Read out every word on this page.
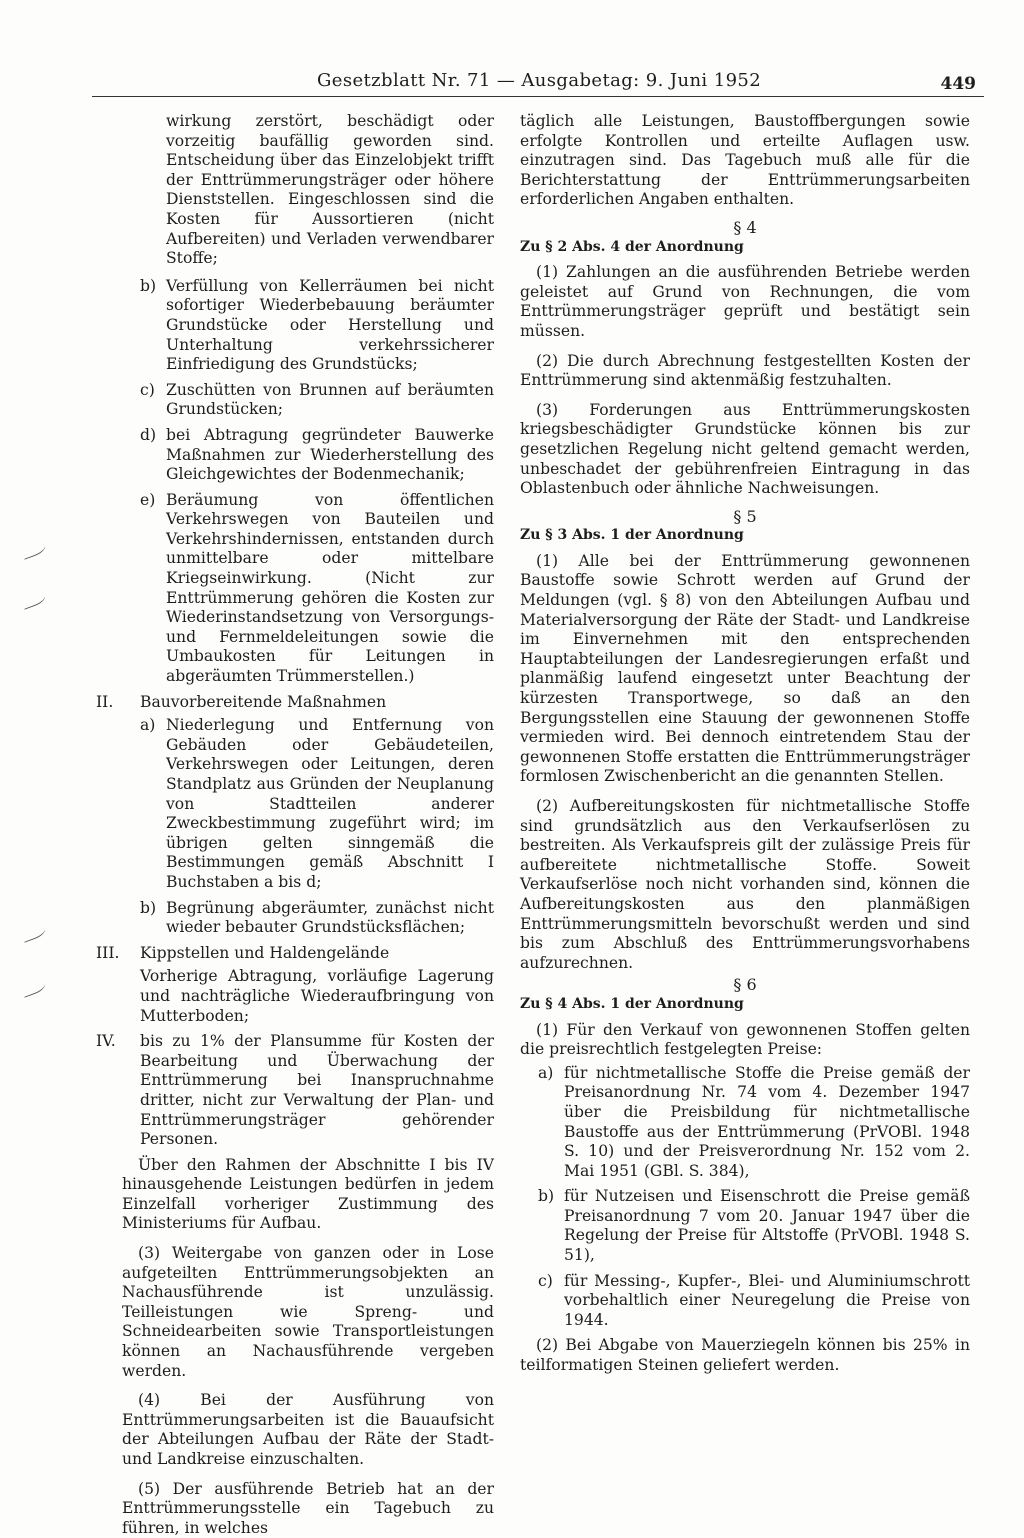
Gesetzblatt Nr. 71 — Ausgabetag: 9. Juni 1952	449

wirkung zerstört, beschädigt oder vorzeitig baufällig geworden sind. Entscheidung über das Einzelobjekt trifft der Enttrümmerungsträger oder höhere Dienststellen. Eingeschlossen sind die Kosten für Aussortieren (nicht Aufbereiten) und Verladen verwendbarer Stoffe;

b) Verfüllung von Kellerräumen bei nicht sofortiger Wiederbebauung beräumter Grundstücke oder Herstellung und Unterhaltung verkehrssicherer Einfriedigung des Grundstücks;
c) Zuschütten von Brunnen auf beräumten Grundstücken;
d) bei Abtragung gegründeter Bauwerke Maßnahmen zur Wiederherstellung des Gleichgewichtes der Bodenmechanik;
e) Beräumung von öffentlichen Verkehrswegen von Bauteilen und Verkehrshindernissen, entstanden durch unmittelbare oder mittelbare Kriegseinwirkung. (Nicht zur Enttrümmerung gehören die Kosten zur Wiederinstandsetzung von Versorgungs- und Fernmeldeleitungen sowie die Umbaukosten für Leitungen in abgeräumten Trümmerstellen.)
II.	Bauvorbereitende Maßnahmen
a) Niederlegung und Entfernung von Gebäuden oder Gebäudeteilen, Verkehrswegen oder Leitungen, deren Standplatz aus Gründen der Neuplanung von Stadtteilen anderer Zweckbestimmung zugeführt wird; im übrigen gelten sinngemäß die Bestimmungen gemäß Abschnitt I Buchstaben a bis d;
b) Begrünung abgeräumter, zunächst nicht wieder bebauter Grundstücksflächen;
III.	Kippstellen und Haldengelände

Vorherige Abtragung, vorläufige Lagerung und nachträgliche Wiederaufbringung von Mutterboden;

IV.	bis zu 1% der Plansumme für Kosten der Bearbeitung und Überwachung der Enttrümmerung bei Inanspruchnahme dritter, nicht zur Verwaltung der Plan- und Enttrümmerungsträger gehörender Personen.

Über den Rahmen der Abschnitte I bis IV hinausgehende Leistungen bedürfen in jedem Einzelfall vorheriger Zustimmung des Ministeriums für Aufbau.

(3) Weitergabe von ganzen oder in Lose aufgeteilten Enttrümmerungsobjekten an Nachausführende ist unzulässig. Teilleistungen wie Spreng- und Schneidearbeiten sowie Transportleistungen können an Nachausführende vergeben werden.

(4) Bei der Ausführung von Enttrümmerungsarbeiten ist die Bauaufsicht der Abteilungen Aufbau der Räte der Stadt- und Landkreise einzuschalten.

(5) Der ausführende Betrieb hat an der Enttrümmerungsstelle ein Tagebuch zu führen, in welches

täglich alle Leistungen, Baustoffbergungen sowie erfolgte Kontrollen und erteilte Auflagen usw. einzutragen sind. Das Tagebuch muß alle für die Berichterstattung der Enttrümmerungsarbeiten erforderlichen Angaben enthalten.

§ 4

Zu § 2 Abs. 4 der Anordnung

(1) Zahlungen an die ausführenden Betriebe werden geleistet auf Grund von Rechnungen, die vom Enttrümmerungsträger geprüft und bestätigt sein müssen.

(2) Die durch Abrechnung festgestellten Kosten der Enttrümmerung sind aktenmäßig festzuhalten.

(3) Forderungen aus Enttrümmerungskosten kriegsbeschädigter Grundstücke können bis zur gesetzlichen Regelung nicht geltend gemacht werden, unbeschadet der gebührenfreien Eintragung in das Oblastenbuch oder ähnliche Nachweisungen.

§ 5

Zu § 3 Abs. 1 der Anordnung

(1) Alle bei der Enttrümmerung gewonnenen Baustoffe sowie Schrott werden auf Grund der Meldungen (vgl. § 8) von den Abteilungen Aufbau und Materialversorgung der Räte der Stadt- und Landkreise im Einvernehmen mit den entsprechenden Hauptabteilungen der Landesregierungen erfaßt und planmäßig laufend eingesetzt unter Beachtung der kürzesten Transportwege, so daß an den Bergungsstellen eine Stauung der gewonnenen Stoffe vermieden wird. Bei dennoch eintretendem Stau der gewonnenen Stoffe erstatten die Enttrümmerungsträger formlosen Zwischenbericht an die genannten Stellen.

(2) Aufbereitungskosten für nichtmetallische Stoffe sind grundsätzlich aus den Verkaufserlösen zu bestreiten. Als Verkaufspreis gilt der zulässige Preis für aufbereitete nichtmetallische Stoffe. Soweit Verkaufserlöse noch nicht vorhanden sind, können die Aufbereitungskosten aus den planmäßigen Enttrümmerungsmitteln bevorschußt werden und sind bis zum Abschluß des Enttrümmerungsvorhabens aufzurechnen.

§ 6

Zu § 4 Abs. 1 der Anordnung

(1) Für den Verkauf von gewonnenen Stoffen gelten die preisrechtlich festgelegten Preise:

a) für nichtmetallische Stoffe die Preise gemäß der Preisanordnung Nr. 74 vom 4. Dezember 1947 über die Preisbildung für nichtmetallische Baustoffe aus der Enttrümmerung (PrVOBl. 1948 S. 10) und der Preisverordnung Nr. 152 vom 2. Mai 1951 (GBl. S. 384),
b) für Nutzeisen und Eisenschrott die Preise gemäß Preisanordnung 7 vom 20. Januar 1947 über die Regelung der Preise für Altstoffe (PrVOBl. 1948 S. 51),
c) für Messing-, Kupfer-, Blei- und Aluminiumschrott vorbehaltlich einer Neuregelung die Preise von 1944.

(2) Bei Abgabe von Mauerziegeln können bis 25% in teilformatigen Steinen geliefert werden.
